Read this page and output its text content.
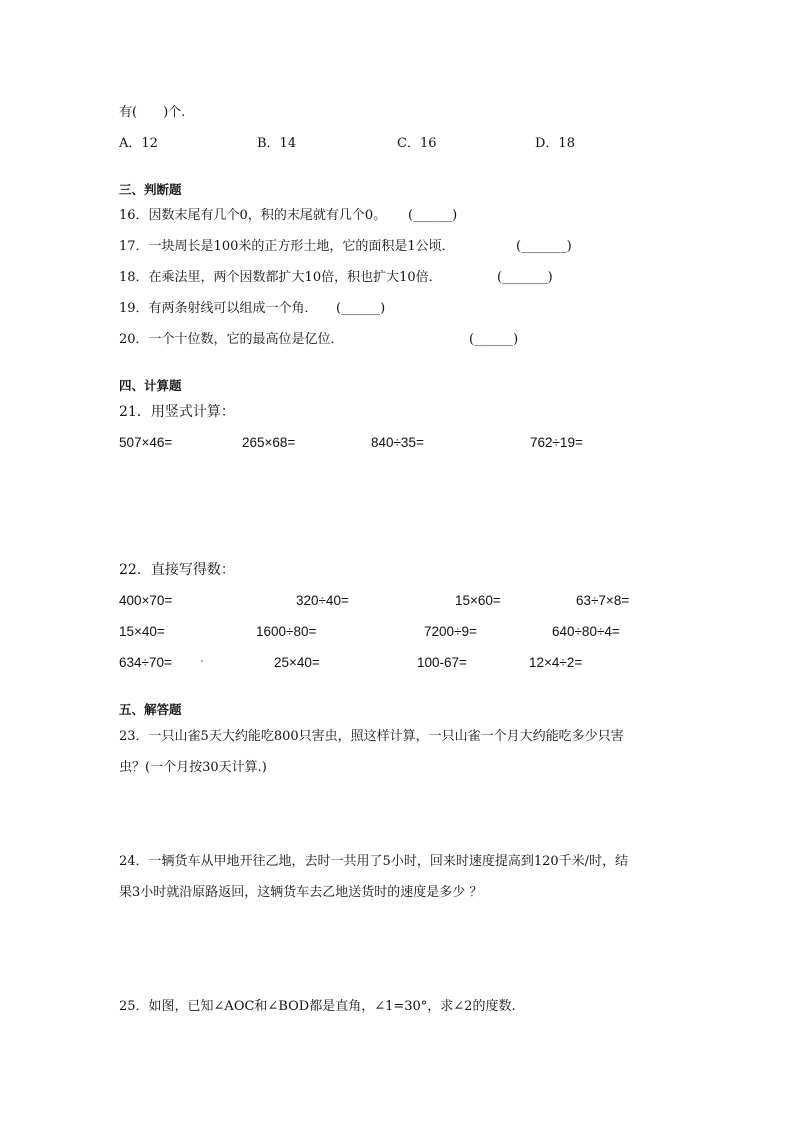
有(　　)个.
A．12	B．14	C．16	D．18
三、判断题
16．因数末尾有几个0，积的末尾就有几个0。 (______)
17．一块周长是100米的正方形土地，它的面积是1公顷．	(_______)
18．在乘法里，两个因数都扩大10倍，积也扩大10倍．	(_______)
19．有两条射线可以组成一个角． (______)
20．一个十位数，它的最高位是亿位．	(______)
四、计算题
21．用竖式计算：
507×46=	265×68=	840÷35=	762÷19=
22．直接写得数：
400×70=	320÷40=	15×60=	63÷7×8=
15×40=	1600÷80=	7200÷9=	640÷80÷4=
634÷70=	25×40=	100-67=	12×4÷2=
五、解答题
23．一只山雀5天大约能吃800只害虫，照这样计算，一只山雀一个月大约能吃多少只害
虫？(一个月按30天计算.)
24．一辆货车从甲地开往乙地，去时一共用了5小时，回来时速度提高到120千米/时，结
果3小时就沿原路返回，这辆货车去乙地送货时的速度是多少 ？
25．如图，已知∠AOC和∠BOD都是直角，∠1=30°，求∠2的度数.
